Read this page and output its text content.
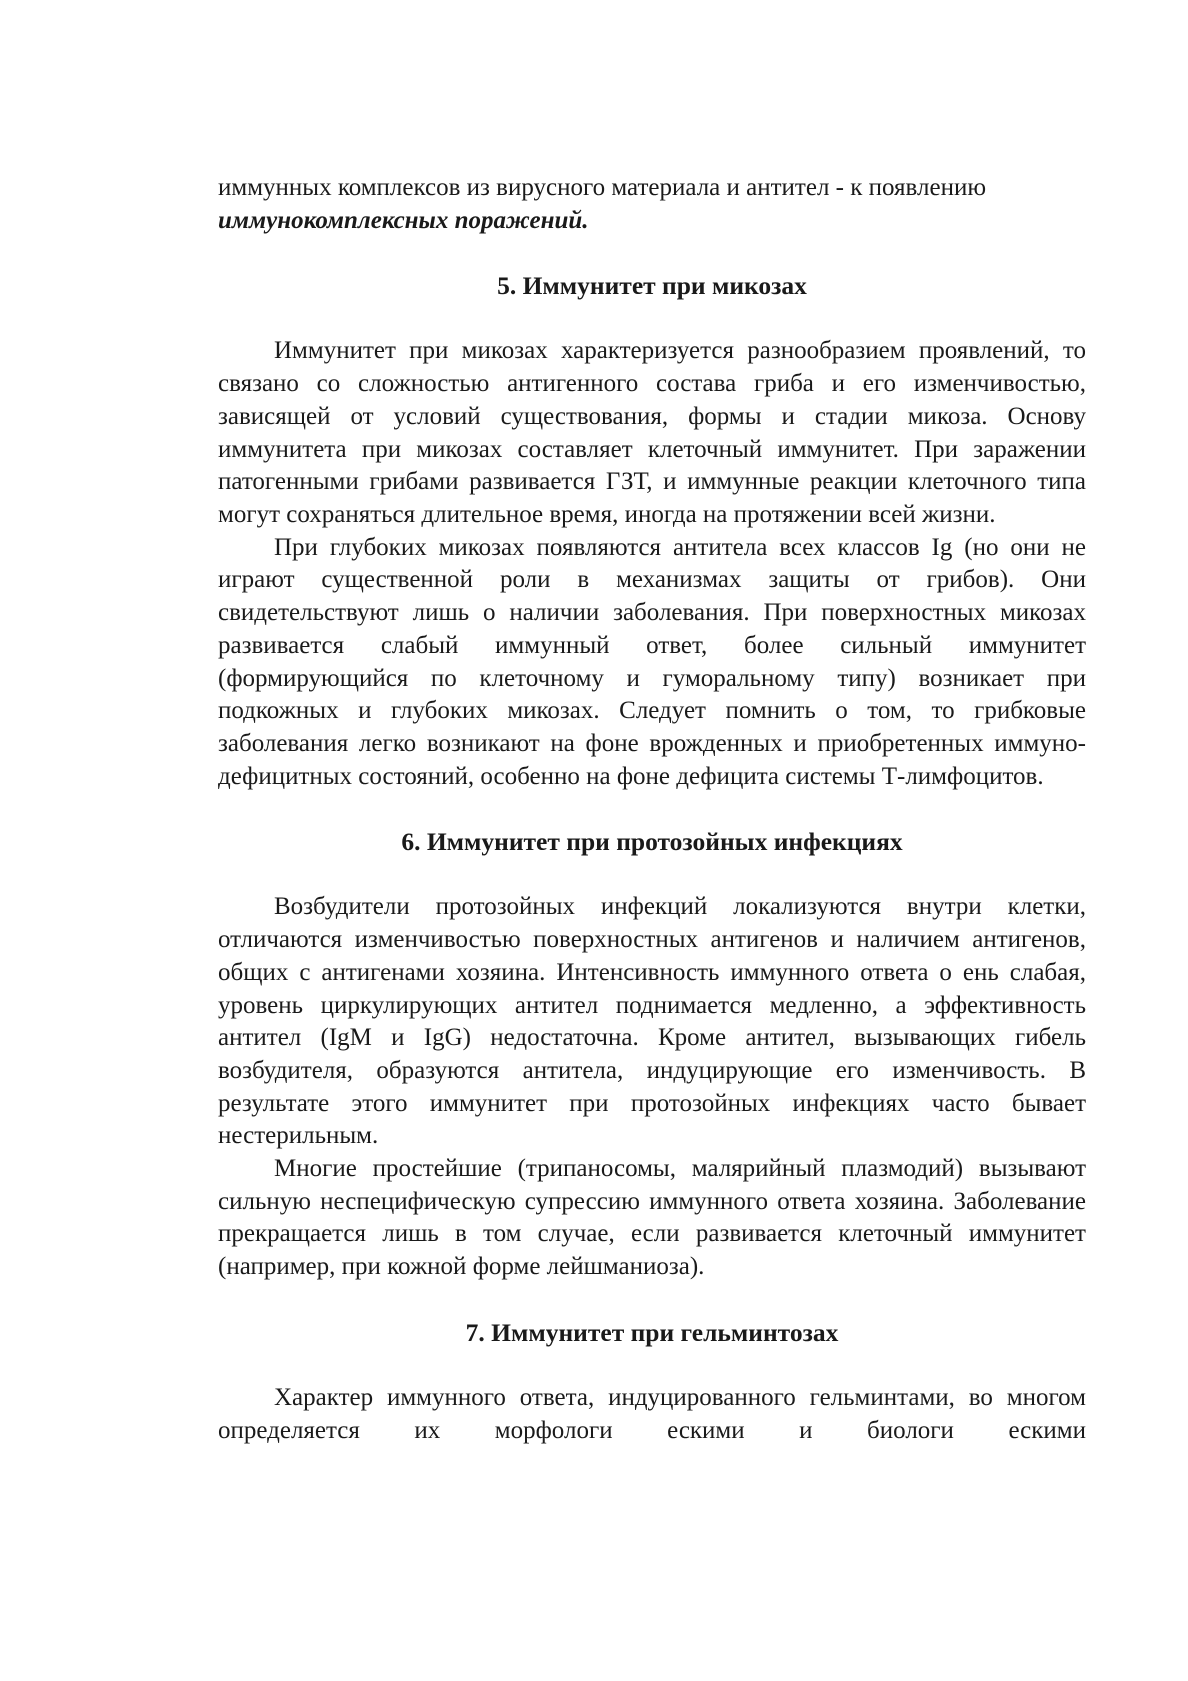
иммунных комплексов из вирусного материала и антител - к появлению
иммунокомплексных поражений.

5. Иммунитет при микозах

Иммунитет при микозах характеризуется разнообразием проявлений, то связано со сложностью антигенного состава гриба и его изменчивостью, зависящей от условий существования, формы и стадии микоза. Основу иммунитета при микозах составляет клеточный иммунитет. При заражении патогенными грибами развивается ГЗТ, и иммунные реакции клеточного типа могут сохраняться длительное время, иногда на протяжении всей жизни.

При глубоких микозах появляются антитела всех классов Ig (но они не играют существенной роли в механизмах защиты от грибов). Они свидетельствуют лишь о наличии заболевания. При поверхностных микозах развивается слабый иммунный ответ, более сильный иммунитет (формирующийся по клеточному и гуморальному типу) возникает при подкожных и глубоких микозах. Следует помнить о том, то грибковые заболевания легко возникают на фоне врожденных и приобретенных иммуно-дефицитных состояний, особенно на фоне дефицита системы Т-лимфоцитов.

6. Иммунитет при протозойных инфекциях

Возбудители протозойных инфекций локализуются внутри клетки, отличаются изменчивостью поверхностных антигенов и наличием антигенов, общих с антигенами хозяина. Интенсивность иммунного ответа о ень слабая, уровень циркулирующих антител поднимается медленно, а эффективность антител (IgM и IgG) недостаточна. Кроме антител, вызывающих гибель возбудителя, образуются антитела, индуцирующие его изменчивость. В результате этого иммунитет при протозойных инфекциях часто бывает нестерильным.

Многие простейшие (трипаносомы, малярийный плазмодий) вызывают сильную неспецифическую супрессию иммунного ответа хозяина. Заболевание прекращается лишь в том случае, если развивается клеточный иммунитет (например, при кожной форме лейшманиоза).

7. Иммунитет при гельминтозах

Характер иммунного ответа, индуцированного гельминтами, во многом определяется их морфологи ескими и биологи ескими
